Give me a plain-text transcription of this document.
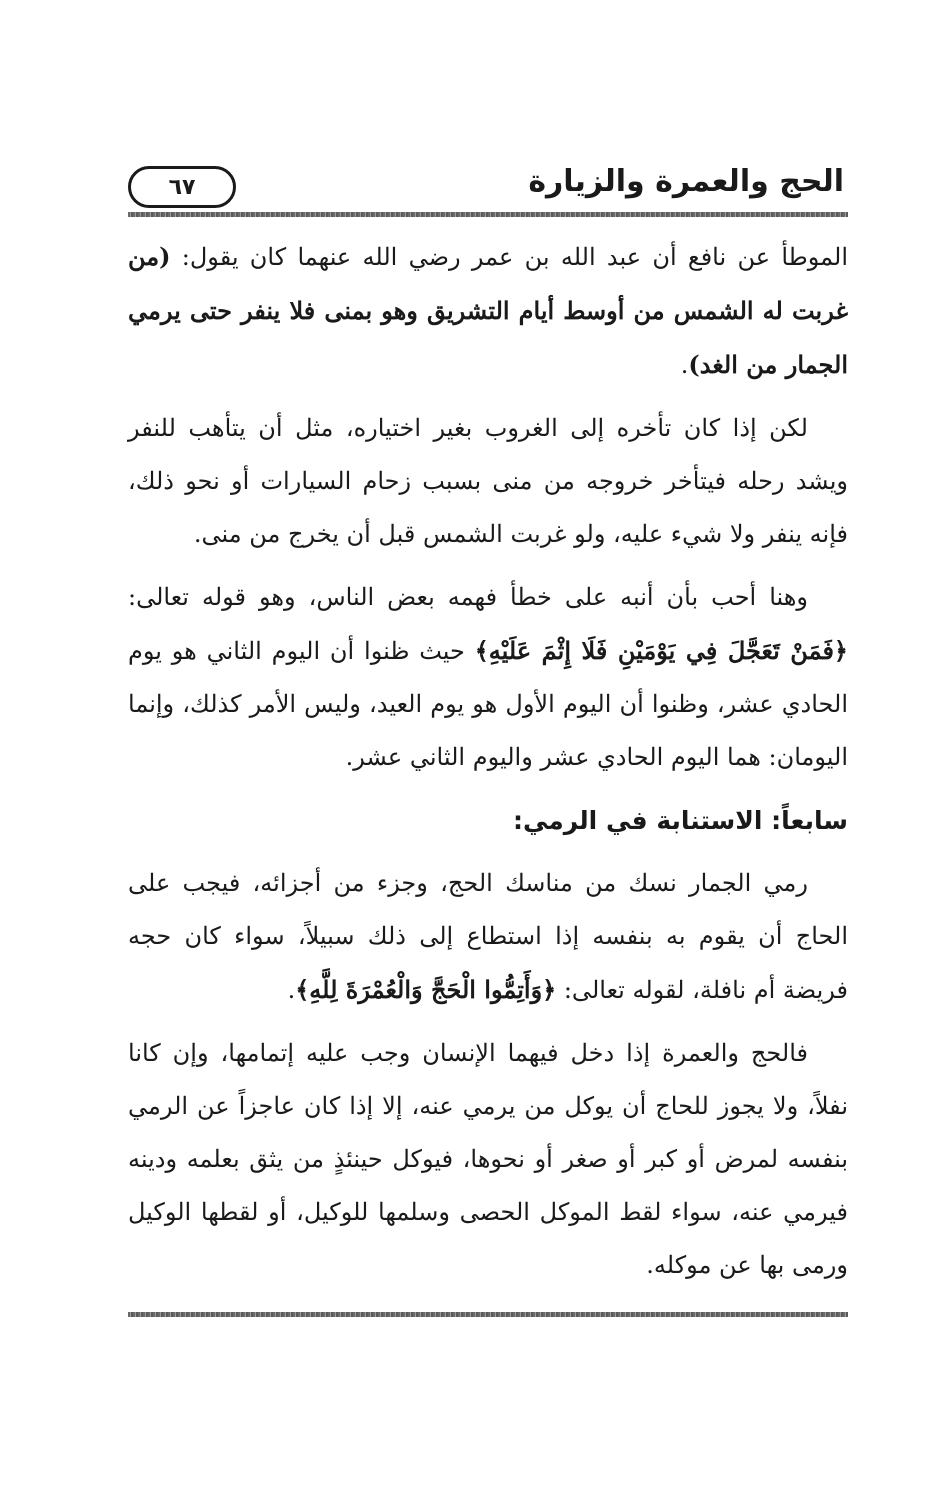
٦٧	الحج والعمرة والزيارة

الموطأ عن نافع أن عبد الله بن عمر رضي الله عنهما كان يقول: (من غربت له الشمس من أوسط أيام التشريق وهو بمنى فلا ينفر حتى يرمي الجمار من الغد).

لكن إذا كان تأخره إلى الغروب بغير اختياره، مثل أن يتأهب للنفر ويشد رحله فيتأخر خروجه من منى بسبب زحام السيارات أو نحو ذلك، فإنه ينفر ولا شيء عليه، ولو غربت الشمس قبل أن يخرج من منى.

وهنا أحب بأن أنبه على خطأ فهمه بعض الناس، وهو قوله تعالى: ﴿فَمَنْ تَعَجَّلَ فِي يَوْمَيْنِ فَلَا إِثْمَ عَلَيْهِ﴾ حيث ظنوا أن اليوم الثاني هو يوم الحادي عشر، وظنوا أن اليوم الأول هو يوم العيد، وليس الأمر كذلك، وإنما اليومان: هما اليوم الحادي عشر واليوم الثاني عشر.

سابعاً: الاستنابة في الرمي:

رمي الجمار نسك من مناسك الحج، وجزء من أجزائه، فيجب على الحاج أن يقوم به بنفسه إذا استطاع إلى ذلك سبيلاً، سواء كان حجه فريضة أم نافلة، لقوله تعالى: ﴿وَأَتِمُّوا الْحَجَّ وَالْعُمْرَةَ لِلَّهِ﴾.

فالحج والعمرة إذا دخل فيهما الإنسان وجب عليه إتمامها، وإن كانا نفلاً، ولا يجوز للحاج أن يوكل من يرمي عنه، إلا إذا كان عاجزاً عن الرمي بنفسه لمرض أو كبر أو صغر أو نحوها، فيوكل حينئذٍ من يثق بعلمه ودينه فيرمي عنه، سواء لقط الموكل الحصى وسلمها للوكيل، أو لقطها الوكيل ورمى بها عن موكله.
